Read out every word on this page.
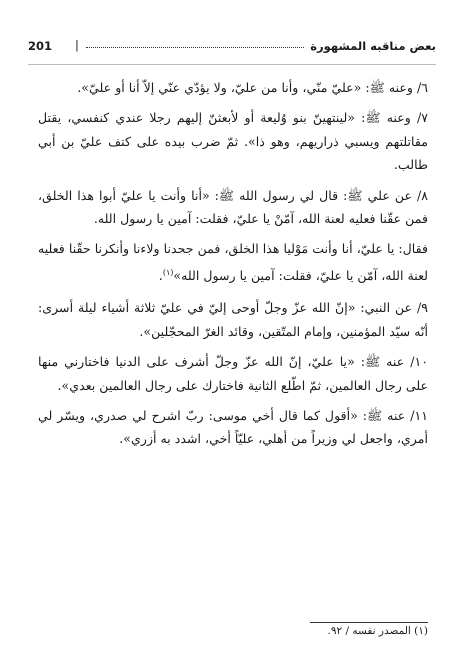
بعض مناقبه المشهورة
|
201

٦/ وعنه ﷺ: «عليّ منّي، وأنا من عليّ، ولا يؤدّي عنّي إلاّ أنا أو عليّ».

٧/ وعنه ﷺ: «لينتهينّ بنو وُليعة أو لأبعثنّ إليهم رجلا عندي كنفسي، يقتل مقاتلتهم ويسبي ذراريهم، وهو ذا». ثمّ ضرب بيده على كتف عليّ بن أبي طالب.

٨/ عن علي ﷺ: قال لي رسول الله ﷺ: «أنا وأنت يا عليّ أبوا هذا الخلق، فمن عقّنا فعليه لعنة الله، آمّنْ يا عليّ، فقلت: آمين يا رسول الله.

فقال: يا عليّ، أنا وأنت مَوْليا هذا الخلق، فمن جحدنا ولاءنا وأنكرنا حقّنا فعليه لعنة الله، آمّن يا عليّ، فقلت: آمين يا رسول الله»$^{(١)}$.

٩/ عن النبي: «إنّ الله عزّ وجلّ أوحى إليّ في عليّ ثلاثة أشياء ليلة أسرى: أنّه سيّد المؤمنين، وإمام المتّقين، وقائد الغرّ المحجّلين».

١٠/ عنه ﷺ: «يا عليّ، إنّ الله عزّ وجلّ أشرف على الدنيا فاختارني منها على رجال العالمين، ثمّ اطّلع الثانية فاختارك على رجال العالمين بعدي».

١١/ عنه ﷺ: «أقول كما قال أخي موسى: ربّ اشرح لي صدري، ويسّر لي أمري، واجعل لي وزيراً من أهلي، عليّاً أخي، اشدد به أزري».

(١) المصدر نفسه / ٩٢.
